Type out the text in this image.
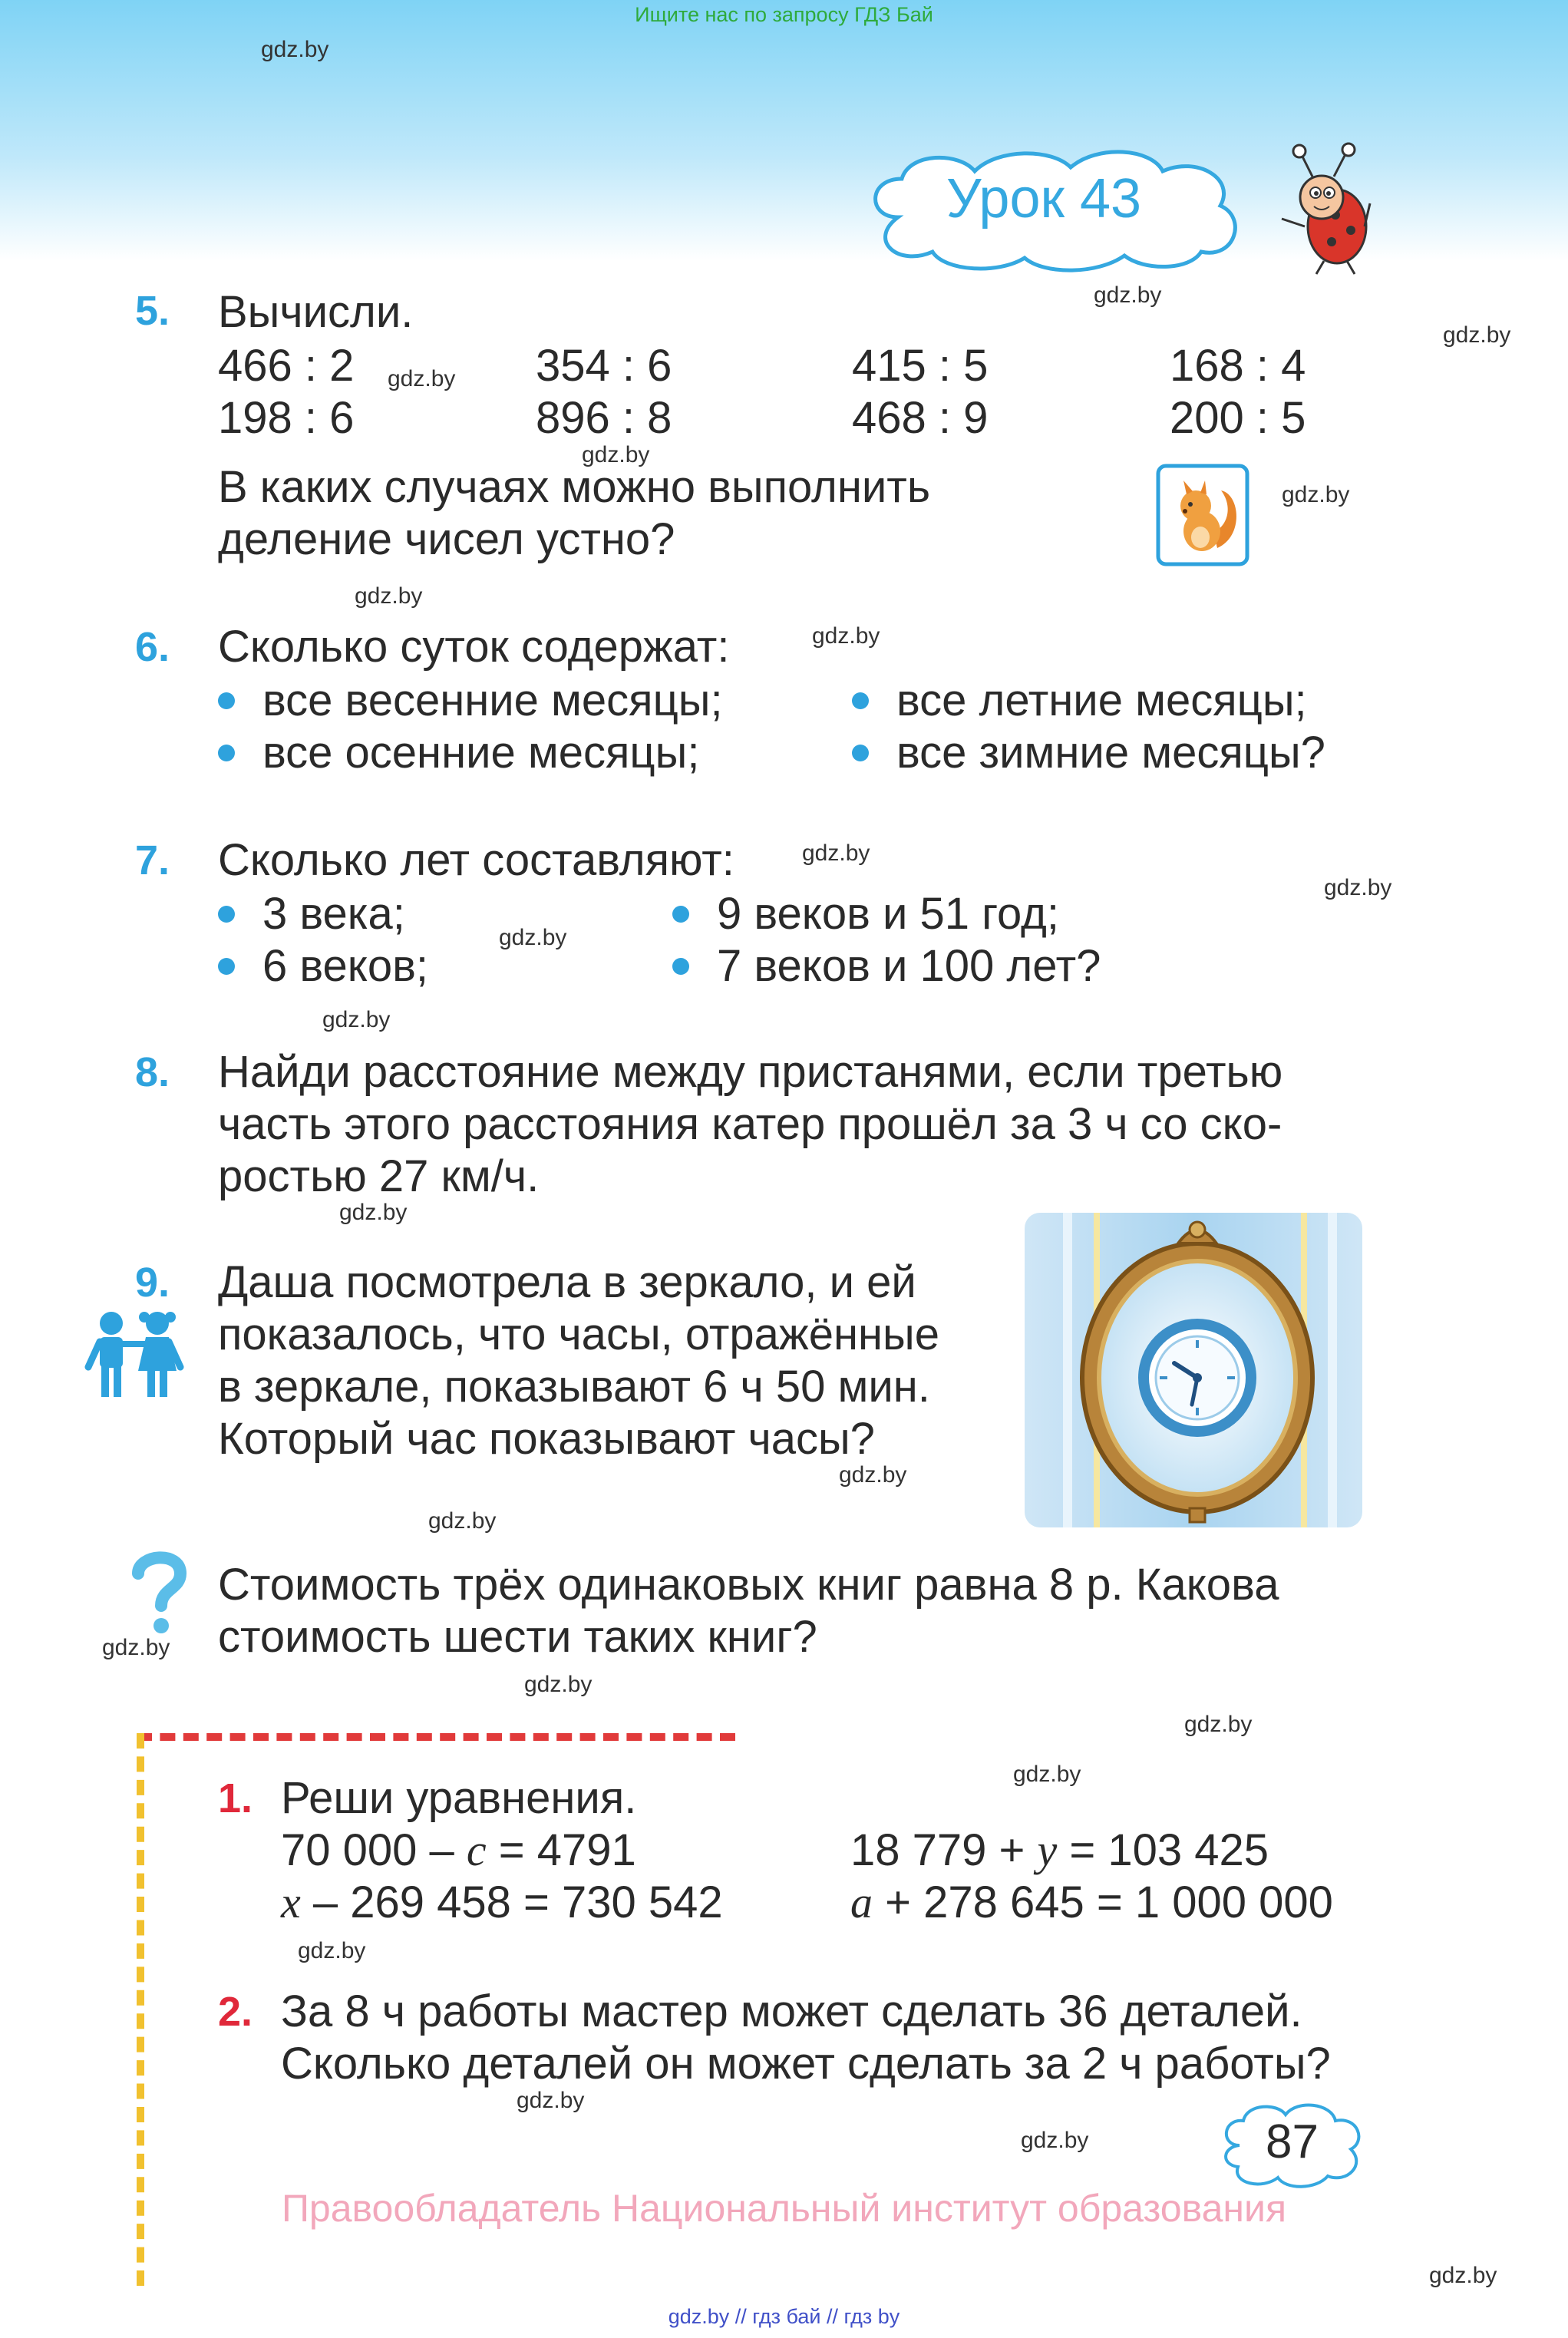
Ищите нас по запросу ГДЗ Бай
Урок 43
gdz.by
gdz.by
gdz.by
gdz.by
gdz.by
gdz.by
gdz.by
gdz.by
gdz.by
gdz.by
gdz.by
gdz.by
gdz.by
gdz.by
gdz.by
gdz.by
gdz.by
gdz.by
gdz.by
gdz.by
gdz.by
gdz.by
gdz.by
5. Вычисли.
466 : 2	354 : 6	415 : 5	168 : 4
198 : 6	896 : 8	468 : 9	200 : 5
В каких случаях можно выполнить
деление чисел устно?
6. Сколько суток содержат:
все весенние месяцы;	все летние месяцы;
все осенние месяцы;	все зимние месяцы?
7. Сколько лет составляют:
3 века;	9 веков и 51 год;
6 веков;	7 веков и 100 лет?
8. Найди расстояние между пристанями, если третью
часть этого расстояния катер прошёл за 3 ч со ско-
ростью 27 км/ч.
9. Даша посмотрела в зеркало, и ей
показалось, что часы, отражённые
в зеркале, показывают 6 ч 50 мин.
Который час показывают часы?
Стоимость трёх одинаковых книг равна 8 р. Какова
стоимость шести таких книг?
1. Реши уравнения.
70 000 – c = 4791	18 779 + y = 103 425
x – 269 458 = 730 542	a + 278 645 = 1 000 000
2. За 8 ч работы мастер может сделать 36 деталей.
Сколько деталей он может сделать за 2 ч работы?
87
Правообладатель Национальный институт образования
gdz.by // гдз бай // гдз by
